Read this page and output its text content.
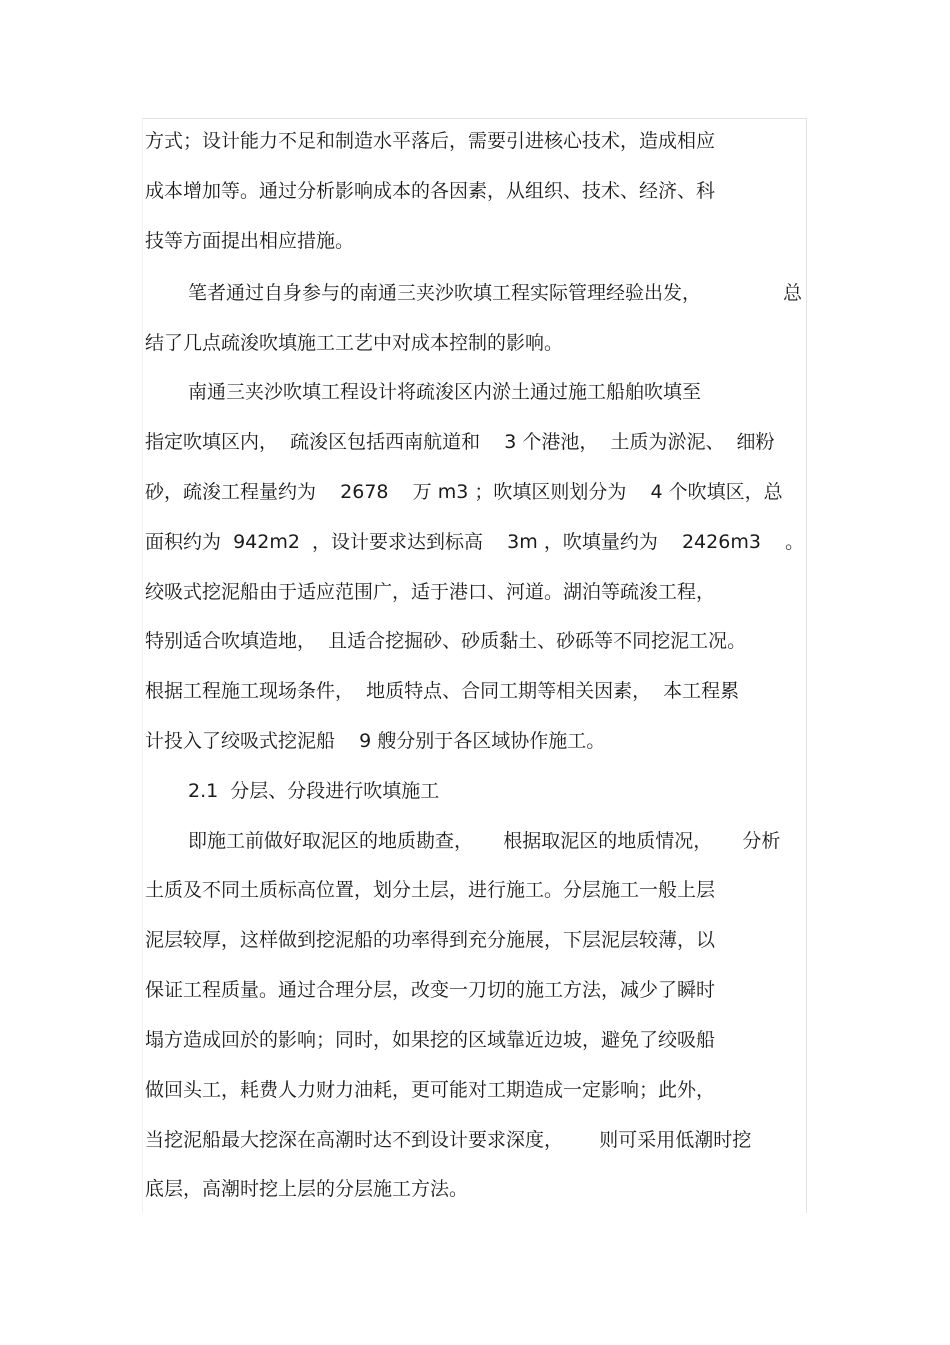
方式；设计能力不足和制造水平落后，需要引进核心技术，造成相应

成本增加等。通过分析影响成本的各因素，从组织、技术、经济、科

技等方面提出相应措施。

笔者通过自身参与的南通三夹沙吹填工程实际管理经验出发，	总

结了几点疏浚吹填施工工艺中对成本控制的影响。

南通三夹沙吹填工程设计将疏浚区内淤土通过施工船舶吹填至

指定吹填区内，  疏浚区包括西南航道和    3 个港池，  土质为淤泥、  细粉

砂，疏浚工程量约为    2678    万 m3 ；吹填区则划分为    4 个吹填区，总

面积约为  942m2  ，设计要求达到标高    3m ，吹填量约为    2426m3    。

绞吸式挖泥船由于适应范围广，适于港口、河道。湖泊等疏浚工程，

特别适合吹填造地，  且适合挖掘砂、砂质黏土、砂砾等不同挖泥工况。

根据工程施工现场条件，  地质特点、合同工期等相关因素，  本工程累

计投入了绞吸式挖泥船    9 艘分别于各区域协作施工。

2.1  分层、分段进行吹填施工

即施工前做好取泥区的地质勘查，     根据取泥区的地质情况，     分析

土质及不同土质标高位置，划分土层，进行施工。分层施工一般上层

泥层较厚，这样做到挖泥船的功率得到充分施展，下层泥层较薄，以

保证工程质量。通过合理分层，改变一刀切的施工方法，减少了瞬时

塌方造成回於的影响；同时，如果挖的区域靠近边坡，避免了绞吸船

做回头工，耗费人力财力油耗，更可能对工期造成一定影响；此外，

当挖泥船最大挖深在高潮时达不到设计要求深度，      则可采用低潮时挖

底层，高潮时挖上层的分层施工方法。
